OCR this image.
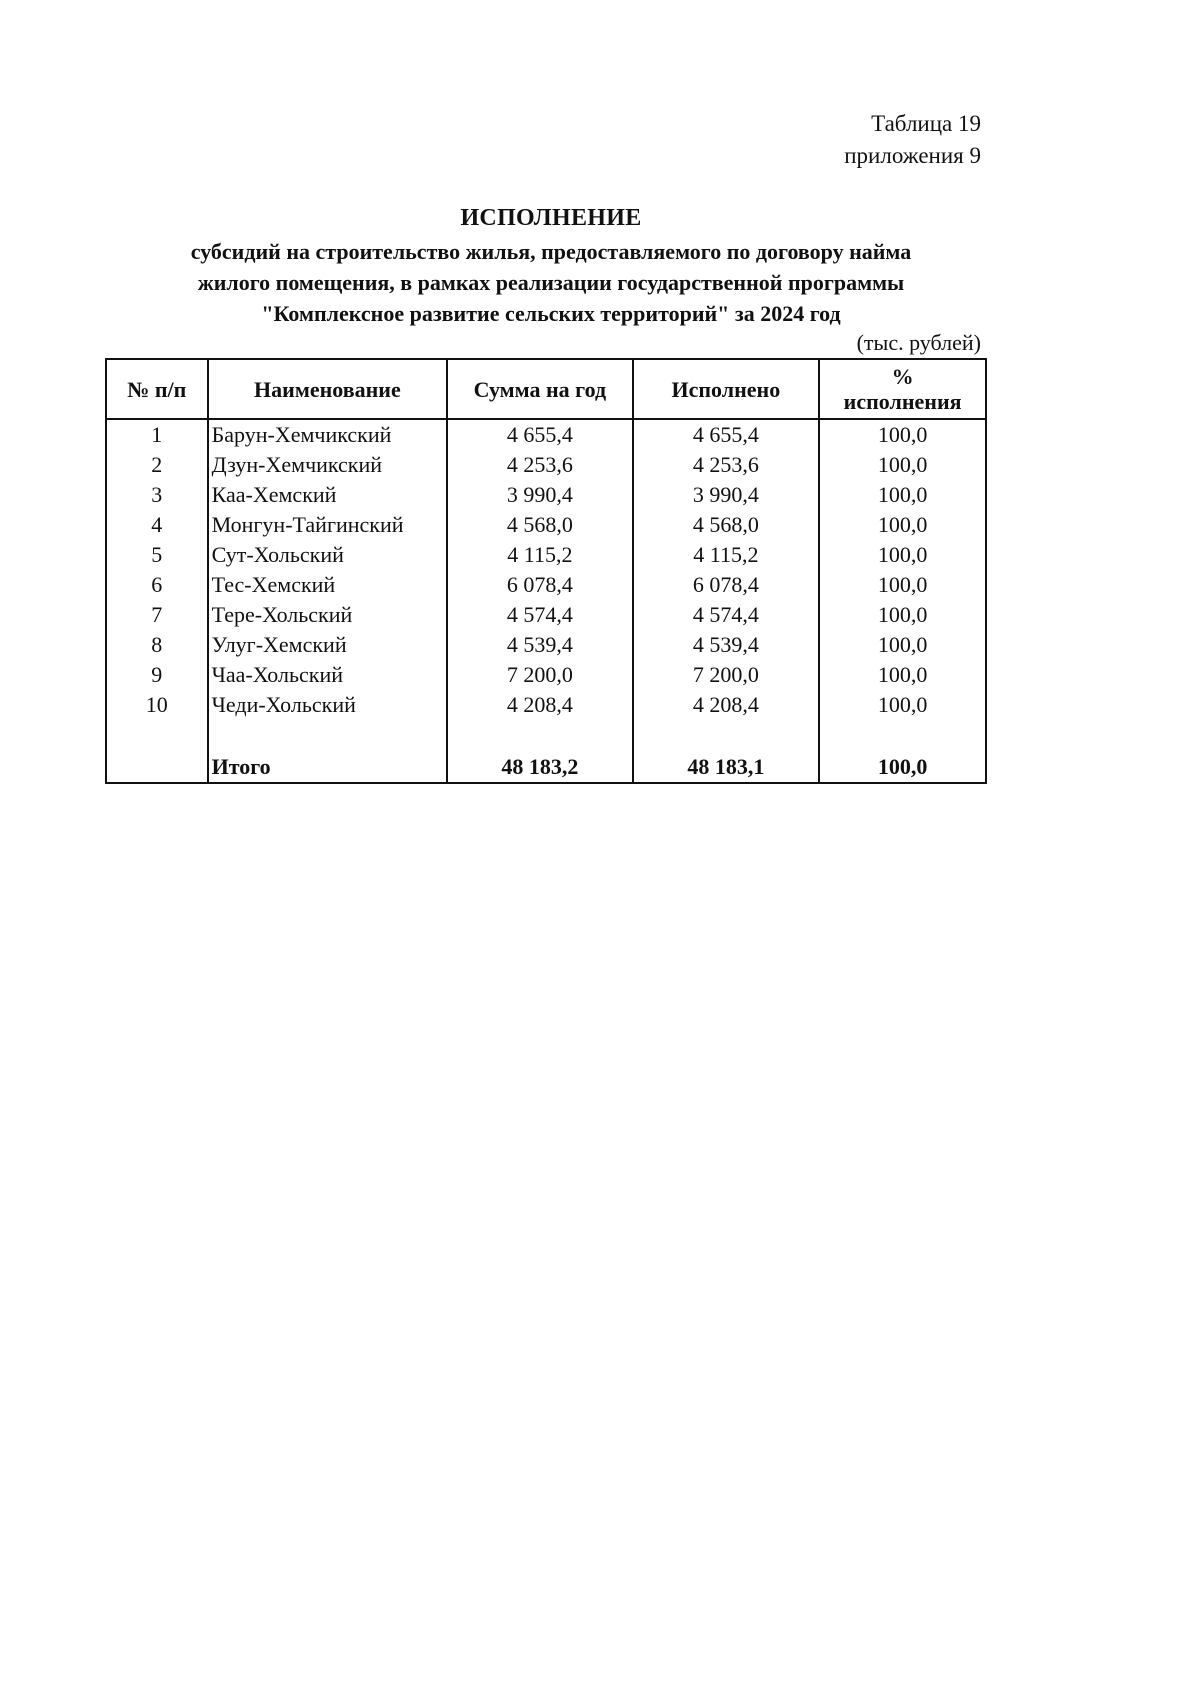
Таблица 19
приложения 9
ИСПОЛНЕНИЕ
субсидий на строительство жилья, предоставляемого по договору найма
жилого помещения, в рамках реализации государственной программы
"Комплексное развитие сельских территорий" за 2024 год
(тыс. рублей)
№ п/п	Наименование	Сумма на год	Исполнено	%
исполнения
1	Барун-Хемчикский	4 655,4	4 655,4	100,0
2	Дзун-Хемчикский	4 253,6	4 253,6	100,0
3	Каа-Хемский	3 990,4	3 990,4	100,0
4	Монгун-Тайгинский	4 568,0	4 568,0	100,0
5	Сут-Хольский	4 115,2	4 115,2	100,0
6	Тес-Хемский	6 078,4	6 078,4	100,0
7	Тере-Хольский	4 574,4	4 574,4	100,0
8	Улуг-Хемский	4 539,4	4 539,4	100,0
9	Чаа-Хольский	7 200,0	7 200,0	100,0
10	Чеди-Хольский	4 208,4	4 208,4	100,0

	Итого	48 183,2	48 183,1	100,0
